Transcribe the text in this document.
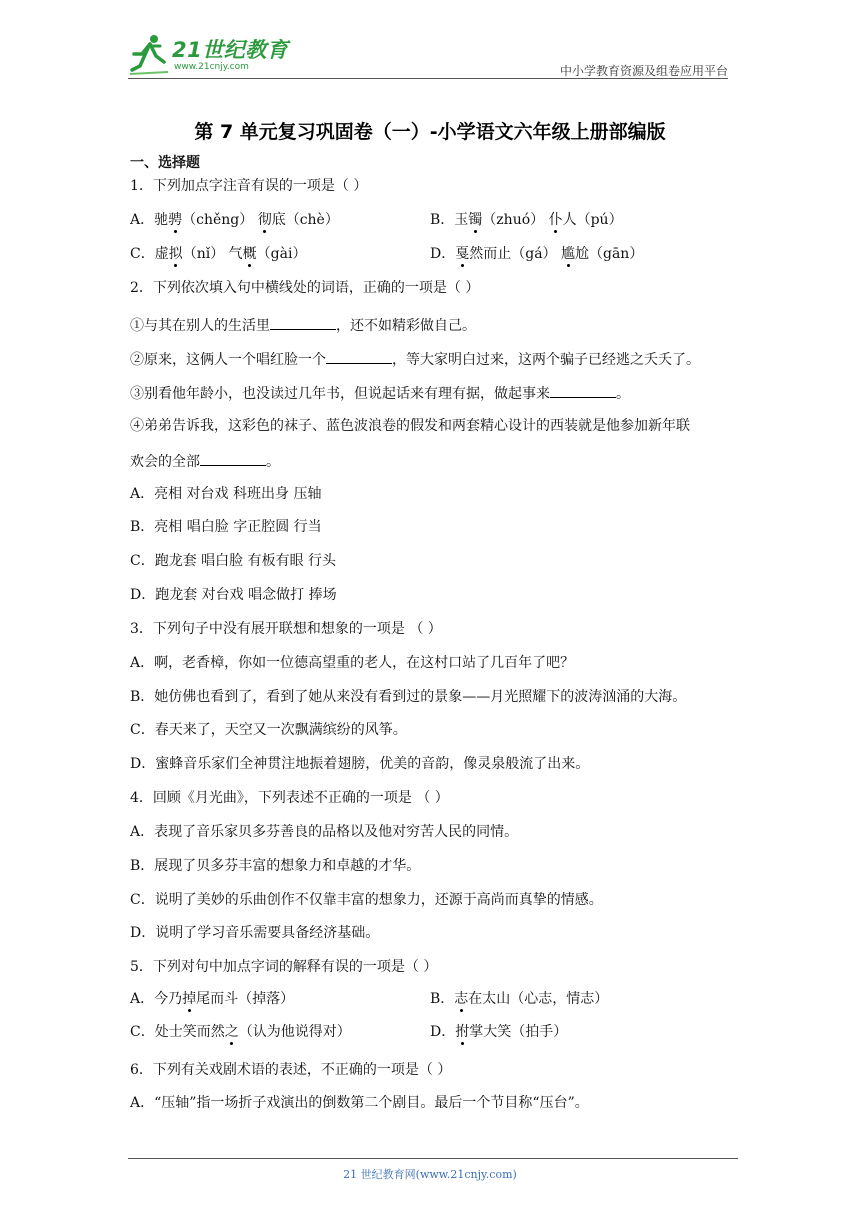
21世纪教育
www.21cnjy.com	中小学教育资源及组卷应用平台
第 7 单元复习巩固卷（一）-小学语文六年级上册部编版
一、选择题
1．下列加点字注音有误的一项是（ ）
A．驰骋（chěng） 彻底（chè）	B．玉镯（zhuó） 仆人（pú）
C．虚拟（nǐ） 气概（gài）	D．戛然而止（gá） 尴尬（gān）
2．下列依次填入句中横线处的词语，正确的一项是（ ）
①与其在别人的生活里	，还不如精彩做自己。
②原来，这俩人一个唱红脸一个	，等大家明白过来，这两个骗子已经逃之夭夭了。
③别看他年龄小，也没读过几年书，但说起话来有理有据，做起事来	。
④弟弟告诉我，这彩色的袜子、蓝色波浪卷的假发和两套精心设计的西装就是他参加新年联
欢会的全部	。
A．亮相 对台戏 科班出身 压轴
B．亮相 唱白脸 字正腔圆 行当
C．跑龙套 唱白脸 有板有眼 行头
D．跑龙套 对台戏 唱念做打 捧场
3．下列句子中没有展开联想和想象的一项是 （ ）
A．啊，老香樟，你如一位德高望重的老人，在这村口站了几百年了吧？
B．她仿佛也看到了，看到了她从来没有看到过的景象——月光照耀下的波涛汹涌的大海。
C．春天来了，天空又一次飘满缤纷的风筝。
D．蜜蜂音乐家们全神贯注地振着翅膀，优美的音韵，像灵泉般流了出来。
4．回顾《月光曲》，下列表述不正确的一项是 （ ）
A．表现了音乐家贝多芬善良的品格以及他对穷苦人民的同情。
B．展现了贝多芬丰富的想象力和卓越的才华。
C．说明了美妙的乐曲创作不仅靠丰富的想象力，还源于高尚而真挚的情感。
D．说明了学习音乐需要具备经济基础。
5．下列对句中加点字词的解释有误的一项是（ ）
A．今乃掉尾而斗（掉落）	B．志在太山（心志，情志）
C．处士笑而然之（认为他说得对）	D．拊掌大笑（拍手）
6．下列有关戏剧术语的表述，不正确的一项是（ ）
A．“压轴”指一场折子戏演出的倒数第二个剧目。最后一个节目称“压台”。
21 世纪教育网(www.21cnjy.com)
